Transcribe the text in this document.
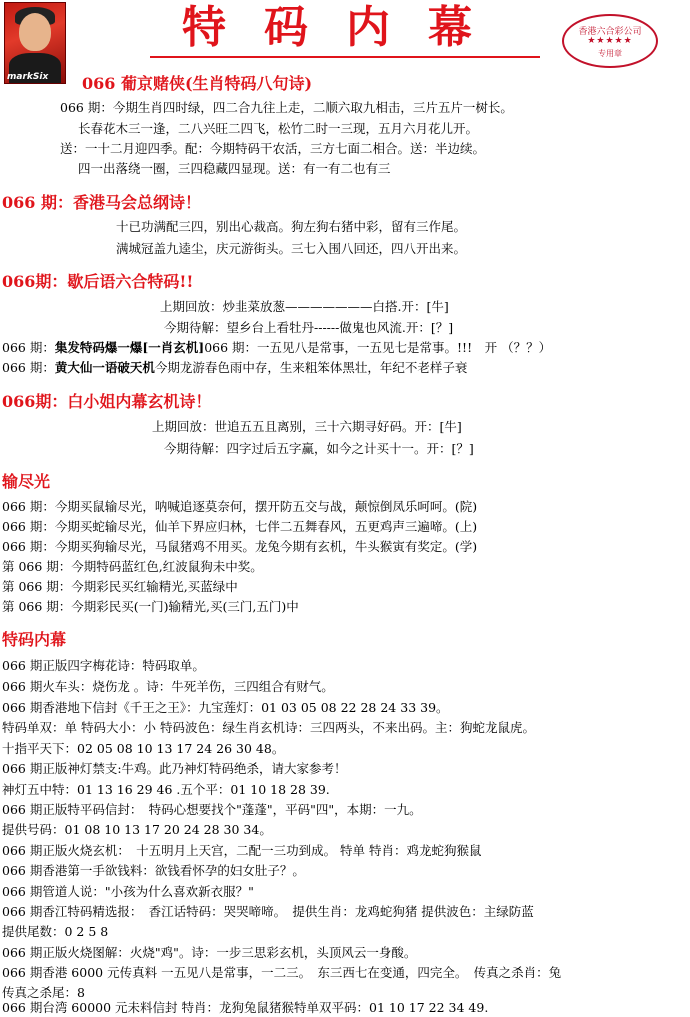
markSix
特码内幕	香港六合彩公司
★★★★★
专用章
066 葡京赌侠(生肖特码八句诗)
066 期：今期生肖四时绿，四二合九往上走，二顺六取九相击，三片五片一树长。
长春花木三一逢，二八兴旺二四飞，松竹二时一三现，五月六月花儿开。
送：一十二月迎四季。配：今期特码干农活，三方七面二相合。送：半边续。
四一出落绕一圈，三四稳藏四显现。送：有一有二也有三
066 期：香港马会总纲诗！
十已功满配三四，别出心裁高。狗左狗右猪中彩，留有三作尾。
满城冠盖九逵尘，庆元游街头。三七入围八回还，四八开出来。
066期：歇后语六合特码!!
上期回放：炒韭菜放葱———————白搭.开：[牛]
今期待解：望乡台上看牡丹------做鬼也风流.开：[？]
066 期：集发特码爆一爆[一肖玄机]066 期：一五见八是常事，一五见七是常事。!!!　开 （？？）
066 期：黄大仙一语破天机今期龙游春色雨中存，生来粗笨体黑壮，年纪不老样子衰
066期：白小姐内幕玄机诗！
上期回放：世追五五且离别，三十六期寻好码。开：[牛]
今期待解：四字过后五字赢，如今之计买十一。开：[？]
输尽光
066 期：今期买鼠输尽光，呐喊追逐莫奈何，摆开防五交与战，颠惊倒凤乐呵呵。(院)
066 期：今期买蛇输尽光，仙羊下界应归林，七伴二五舞春风，五更鸡声三遍啼。(上)
066 期：今期买狗输尽光，马鼠猪鸡不用买。龙兔今期有玄机，牛头猴寅有奖定。(学)
第 066 期：今期特码蓝红色,红波鼠狗未中奖。
第 066 期：今期彩民买红输精光,买蓝绿中
第 066 期：今期彩民买(一门)输精光,买(三门,五门)中
特码内幕
066 期正版四字梅花诗：特码取单。
066 期火车头：烧伤龙 。诗：牛死羊伤，三四组合有财气。
066 期香港地下信封《千王之王》：九宝莲灯：01 03 05 08 22 28 24 33 39。
特码单双：单 特码大小：小 特码波色：绿生肖玄机诗：三四两头，不来出码。主：狗蛇龙鼠虎。
十指平天下：02 05 08 10 13 17 24 26 30 48。
066 期正版神灯禁支:牛鸡。此乃神灯特码绝杀，请大家参考！
神灯五中特：01 13 16 29 46 .五个平：01 10 18 28 39.
066 期正版特平码信封：　特码心想要找个"蓬蓬"，平码"四"，本期：一九。
提供号码：01 08 10 13 17 20 24 28 30 34。
066 期正版火烧玄机：　十五明月上天宫，二配一三功到成。 特单 特肖：鸡龙蛇狗猴鼠
066 期香港第一手欲钱料：欲钱看怀孕的妇女肚子？。
066 期管道人说："小孩为什么喜欢新衣服？"
066 期香江特码精选报：　香江话特码：哭哭啼啼。　提供生肖：龙鸡蛇狗猪 提供波色：主绿防蓝
提供尾数：0 2 5 8
066 期正版火烧图解：火烧"鸡"。诗：一步三思彩玄机，头顶风云一身酸。
066 期香港 6000 元传真料 一五见八是常事，一二三。　东三西七在变通，四完全。　传真之杀肖：兔
传真之杀尾：8
066 期台湾 60000 元未料信封 特肖：龙狗兔鼠猪猴特单双平码：01 10 17 22 34 49.
